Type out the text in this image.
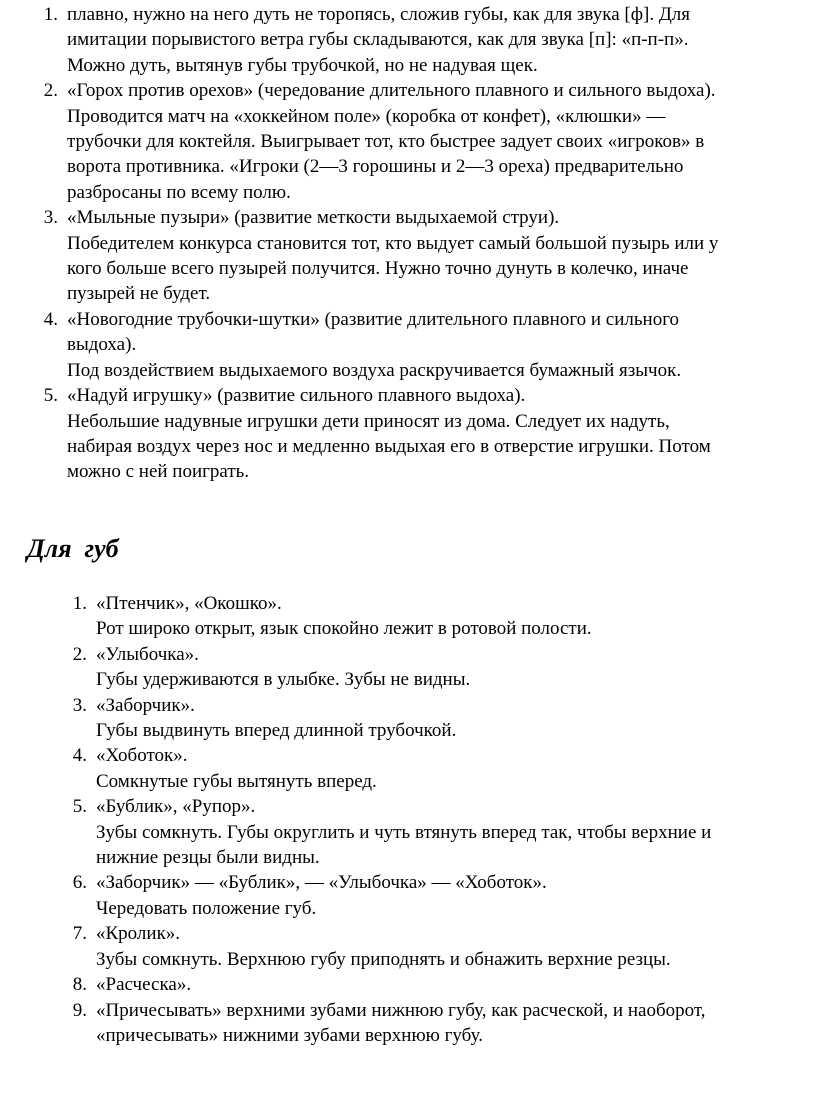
1. плавно, нужно на него дуть не торопясь, сложив губы, как для звука [ф]. Для
имитации порывистого ветра губы складываются, как для звука [п]: «п-п-п».
Можно дуть, вытянув губы трубочкой, но не надувая щек.
2. «Горох против орехов» (чередование длительного плавного и сильного выдоха).
Проводится матч на «хоккейном поле» (коробка от конфет), «клюшки» —
трубочки для коктейля. Выигрывает тот, кто быстрее задует своих «игроков» в
ворота противника. «Игроки (2—3 горошины и 2—3 ореха) предварительно
разбросаны по всему полю.
3. «Мыльные пузыри» (развитие меткости выдыхаемой струи).
Победителем конкурса становится тот, кто выдует самый большой пузырь или у
кого больше всего пузырей получится. Нужно точно дунуть в колечко, иначе
пузырей не будет.
4. «Новогодние трубочки-шутки» (развитие длительного плавного и сильного
выдоха).
Под воздействием выдыхаемого воздуха раскручивается бумажный язычок.
5. «Надуй игрушку» (развитие сильного плавного выдоха).
Небольшие надувные игрушки дети приносят из дома. Следует их надуть,
набирая воздух через нос и медленно выдыхая его в отверстие игрушки. Потом
можно с ней поиграть.
Для  губ
1. «Птенчик», «Окошко».
Рот широко открыт, язык спокойно лежит в ротовой полости.
2. «Улыбочка».
Губы удерживаются в улыбке. Зубы не видны.
3. «Заборчик».
Губы выдвинуть вперед длинной трубочкой.
4. «Хоботок».
Сомкнутые губы вытянуть вперед.
5. «Бублик», «Рупор».
Зубы сомкнуть. Губы округлить и чуть втянуть вперед так, чтобы верхние и
нижние резцы были видны.
6. «Заборчик» — «Бублик», — «Улыбочка» — «Хоботок».
Чередовать положение губ.
7. «Кролик».
Зубы сомкнуть. Верхнюю губу приподнять и обнажить верхние резцы.
8. «Расческа».
9. «Причесывать» верхними зубами нижнюю губу, как расческой, и наоборот,
«причесывать» нижними зубами верхнюю губу.
